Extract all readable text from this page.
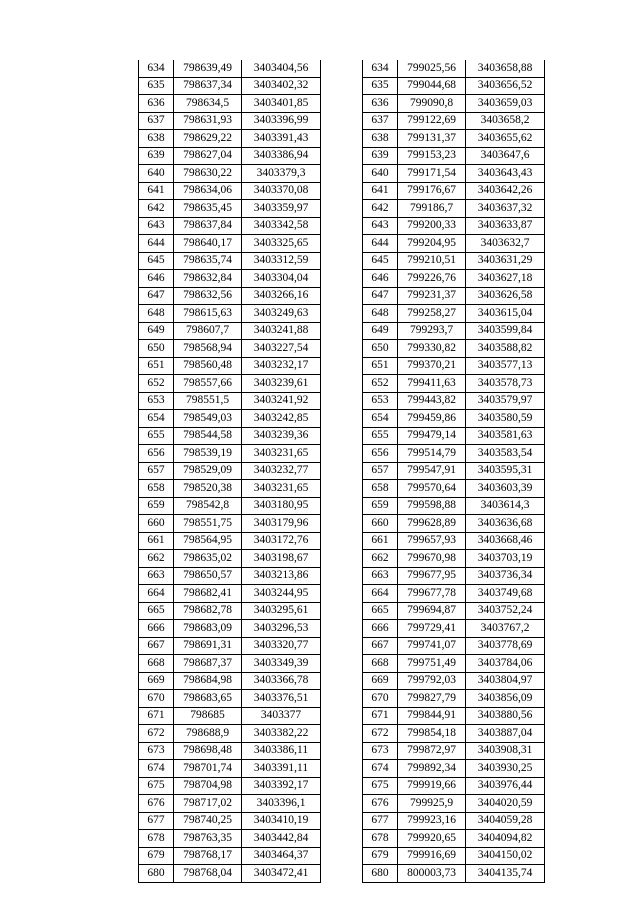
634	798639,49	3403404,56
635	798637,34	3403402,32
636	798634,5	3403401,85
637	798631,93	3403396,99
638	798629,22	3403391,43
639	798627,04	3403386,94
640	798630,22	3403379,3
641	798634,06	3403370,08
642	798635,45	3403359,97
643	798637,84	3403342,58
644	798640,17	3403325,65
645	798635,74	3403312,59
646	798632,84	3403304,04
647	798632,56	3403266,16
648	798615,63	3403249,63
649	798607,7	3403241,88
650	798568,94	3403227,54
651	798560,48	3403232,17
652	798557,66	3403239,61
653	798551,5	3403241,92
654	798549,03	3403242,85
655	798544,58	3403239,36
656	798539,19	3403231,65
657	798529,09	3403232,77
658	798520,38	3403231,65
659	798542,8	3403180,95
660	798551,75	3403179,96
661	798564,95	3403172,76
662	798635,02	3403198,67
663	798650,57	3403213,86
664	798682,41	3403244,95
665	798682,78	3403295,61
666	798683,09	3403296,53
667	798691,31	3403320,77
668	798687,37	3403349,39
669	798684,98	3403366,78
670	798683,65	3403376,51
671	798685	3403377
672	798688,9	3403382,22
673	798698,48	3403386,11
674	798701,74	3403391,11
675	798704,98	3403392,17
676	798717,02	3403396,1
677	798740,25	3403410,19
678	798763,35	3403442,84
679	798768,17	3403464,37
680	798768,04	3403472,41
634	799025,56	3403658,88
635	799044,68	3403656,52
636	799090,8	3403659,03
637	799122,69	3403658,2
638	799131,37	3403655,62
639	799153,23	3403647,6
640	799171,54	3403643,43
641	799176,67	3403642,26
642	799186,7	3403637,32
643	799200,33	3403633,87
644	799204,95	3403632,7
645	799210,51	3403631,29
646	799226,76	3403627,18
647	799231,37	3403626,58
648	799258,27	3403615,04
649	799293,7	3403599,84
650	799330,82	3403588,82
651	799370,21	3403577,13
652	799411,63	3403578,73
653	799443,82	3403579,97
654	799459,86	3403580,59
655	799479,14	3403581,63
656	799514,79	3403583,54
657	799547,91	3403595,31
658	799570,64	3403603,39
659	799598,88	3403614,3
660	799628,89	3403636,68
661	799657,93	3403668,46
662	799670,98	3403703,19
663	799677,95	3403736,34
664	799677,78	3403749,68
665	799694,87	3403752,24
666	799729,41	3403767,2
667	799741,07	3403778,69
668	799751,49	3403784,06
669	799792,03	3403804,97
670	799827,79	3403856,09
671	799844,91	3403880,56
672	799854,18	3403887,04
673	799872,97	3403908,31
674	799892,34	3403930,25
675	799919,66	3403976,44
676	799925,9	3404020,59
677	799923,16	3404059,28
678	799920,65	3404094,82
679	799916,69	3404150,02
680	800003,73	3404135,74
